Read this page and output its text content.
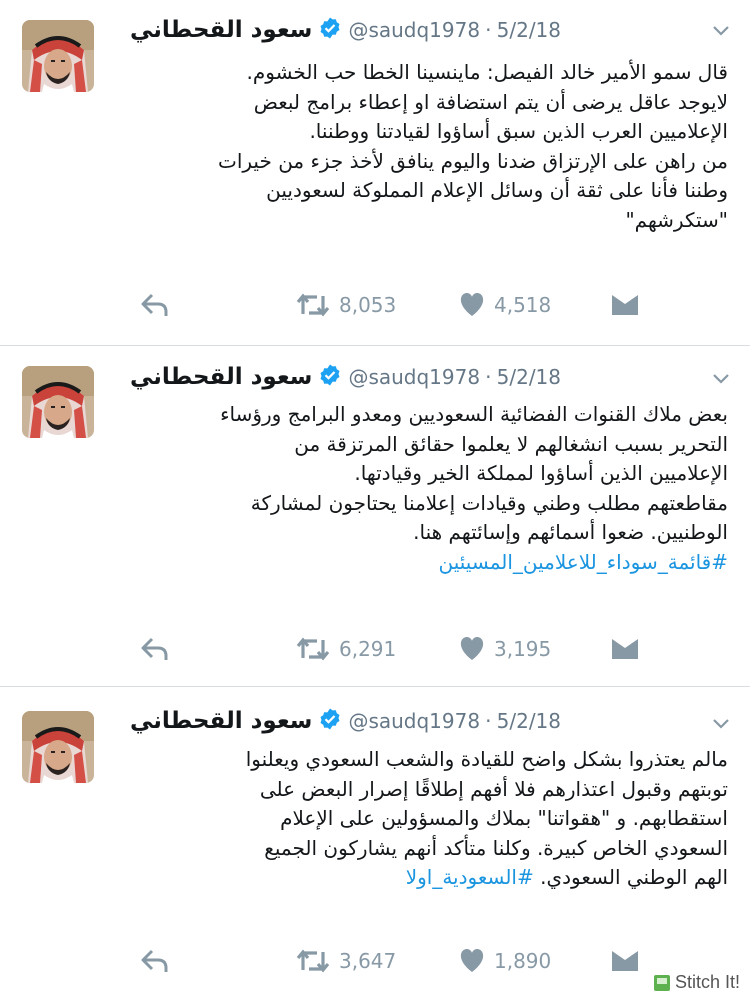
سعود القحطاني @saudq1978 · 5/2/18

قال سمو الأمير خالد الفيصل: ماينسينا الخطا حب الخشوم.

لايوجد عاقل يرضى أن يتم استضافة او إعطاء برامج لبعض

الإعلاميين العرب الذين سبق أساؤوا لقيادتنا ووطننا.

من راهن على الإرتزاق ضدنا واليوم ينافق لأخذ جزء من خيرات

وطننا فأنا على ثقة أن وسائل الإعلام المملوكة لسعوديين

"ستكرشهم"

8,053	4,518
سعود القحطاني @saudq1978 · 5/2/18

بعض ملاك القنوات الفضائية السعوديين ومعدو البرامج ورؤساء

التحرير بسبب انشغالهم لا يعلموا حقائق المرتزقة من

الإعلاميين الذين أساؤوا لمملكة الخير وقيادتها.

مقاطعتهم مطلب وطني وقيادات إعلامنا يحتاجون لمشاركة

الوطنيين. ضعوا أسمائهم وإسائتهم هنا.

#قائمة_سوداء_للاعلامين_المسيئين

6,291	3,195
سعود القحطاني @saudq1978 · 5/2/18

مالم يعتذروا بشكل واضح للقيادة والشعب السعودي ويعلنوا

توبتهم وقبول اعتذارهم فلا أفهم إطلاقًا إصرار البعض على

استقطابهم. و "هقواتنا" بملاك والمسؤولين على الإعلام

السعودي الخاص كبيرة. وكلنا متأكد أنهم يشاركون الجميع

الهم الوطني السعودي. #السعودية_اولا

3,647	1,890
Stitch It!
